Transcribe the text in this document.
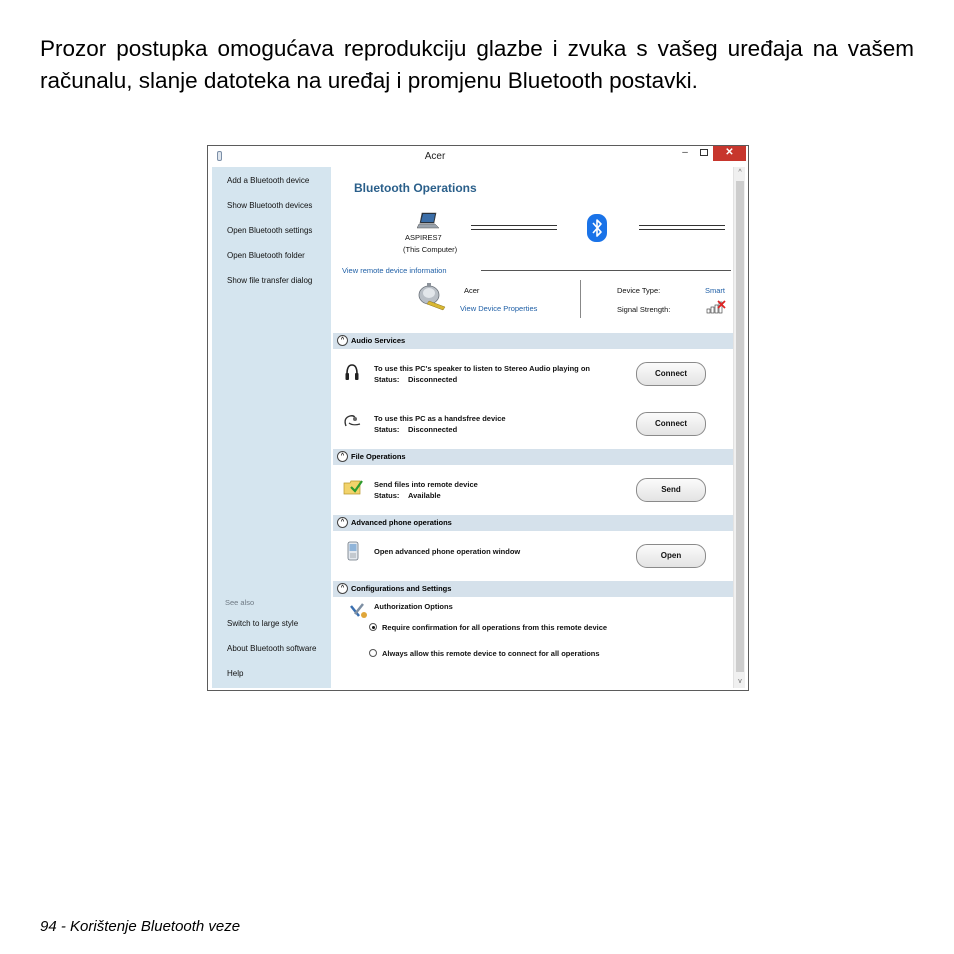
Prozor postupka omogućava reprodukciju glazbe i zvuka s vašeg uređaja na vašem računalu, slanje datoteka na uređaj i promjenu Bluetooth postavki.
Acer	–	✕
Add a Bluetooth device
Show Bluetooth devices
Open Bluetooth settings
Open Bluetooth folder
Show file transfer dialog
See also
Switch to large style
About Bluetooth software
Help
Bluetooth Operations
ASPIRES7
(This Computer)
View remote device information
Acer
View Device Properties
Device Type:	Smart
Signal Strength:
^ Audio Services
To use this PC's speaker to listen to Stereo Audio playing on
Status: Disconnected
Connect
To use this PC as a handsfree device
Status: Disconnected
Connect
^ File Operations
Send files into remote device
Status: Available
Send
^ Advanced phone operations
Open advanced phone operation window	Open
^ Configurations and Settings
Authorization Options
Require confirmation for all operations from this remote device
Always allow this remote device to connect for all operations
^
v
94 - Korištenje Bluetooth veze
